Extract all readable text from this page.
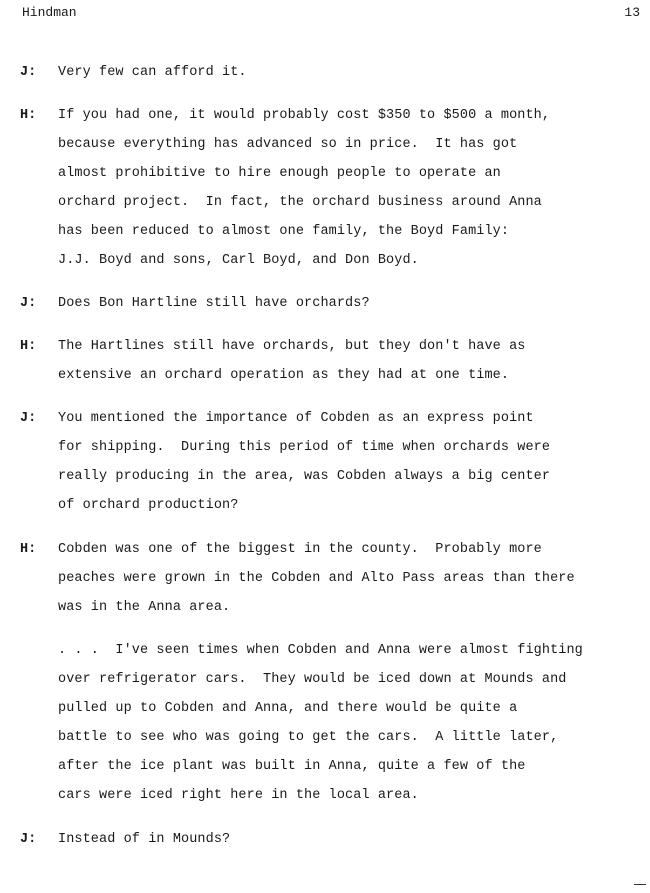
Hindman	13
J: Very few can afford it.
H: If you had one, it would probably cost $350 to $500 a month,
because everything has advanced so in price.  It has got
almost prohibitive to hire enough people to operate an
orchard project.  In fact, the orchard business around Anna
has been reduced to almost one family, the Boyd Family:
J.J. Boyd and sons, Carl Boyd, and Don Boyd.
J: Does Bon Hartline still have orchards?
H: The Hartlines still have orchards, but they don't have as
extensive an orchard operation as they had at one time.
J: You mentioned the importance of Cobden as an express point
for shipping.  During this period of time when orchards were
really producing in the area, was Cobden always a big center
of orchard production?
H: Cobden was one of the biggest in the county.  Probably more
peaches were grown in the Cobden and Alto Pass areas than there
was in the Anna area.
. . .  I've seen times when Cobden and Anna were almost fighting
over refrigerator cars.  They would be iced down at Mounds and
pulled up to Cobden and Anna, and there would be quite a
battle to see who was going to get the cars.  A little later,
after the ice plant was built in Anna, quite a few of the
cars were iced right here in the local area.
J: Instead of in Mounds?
